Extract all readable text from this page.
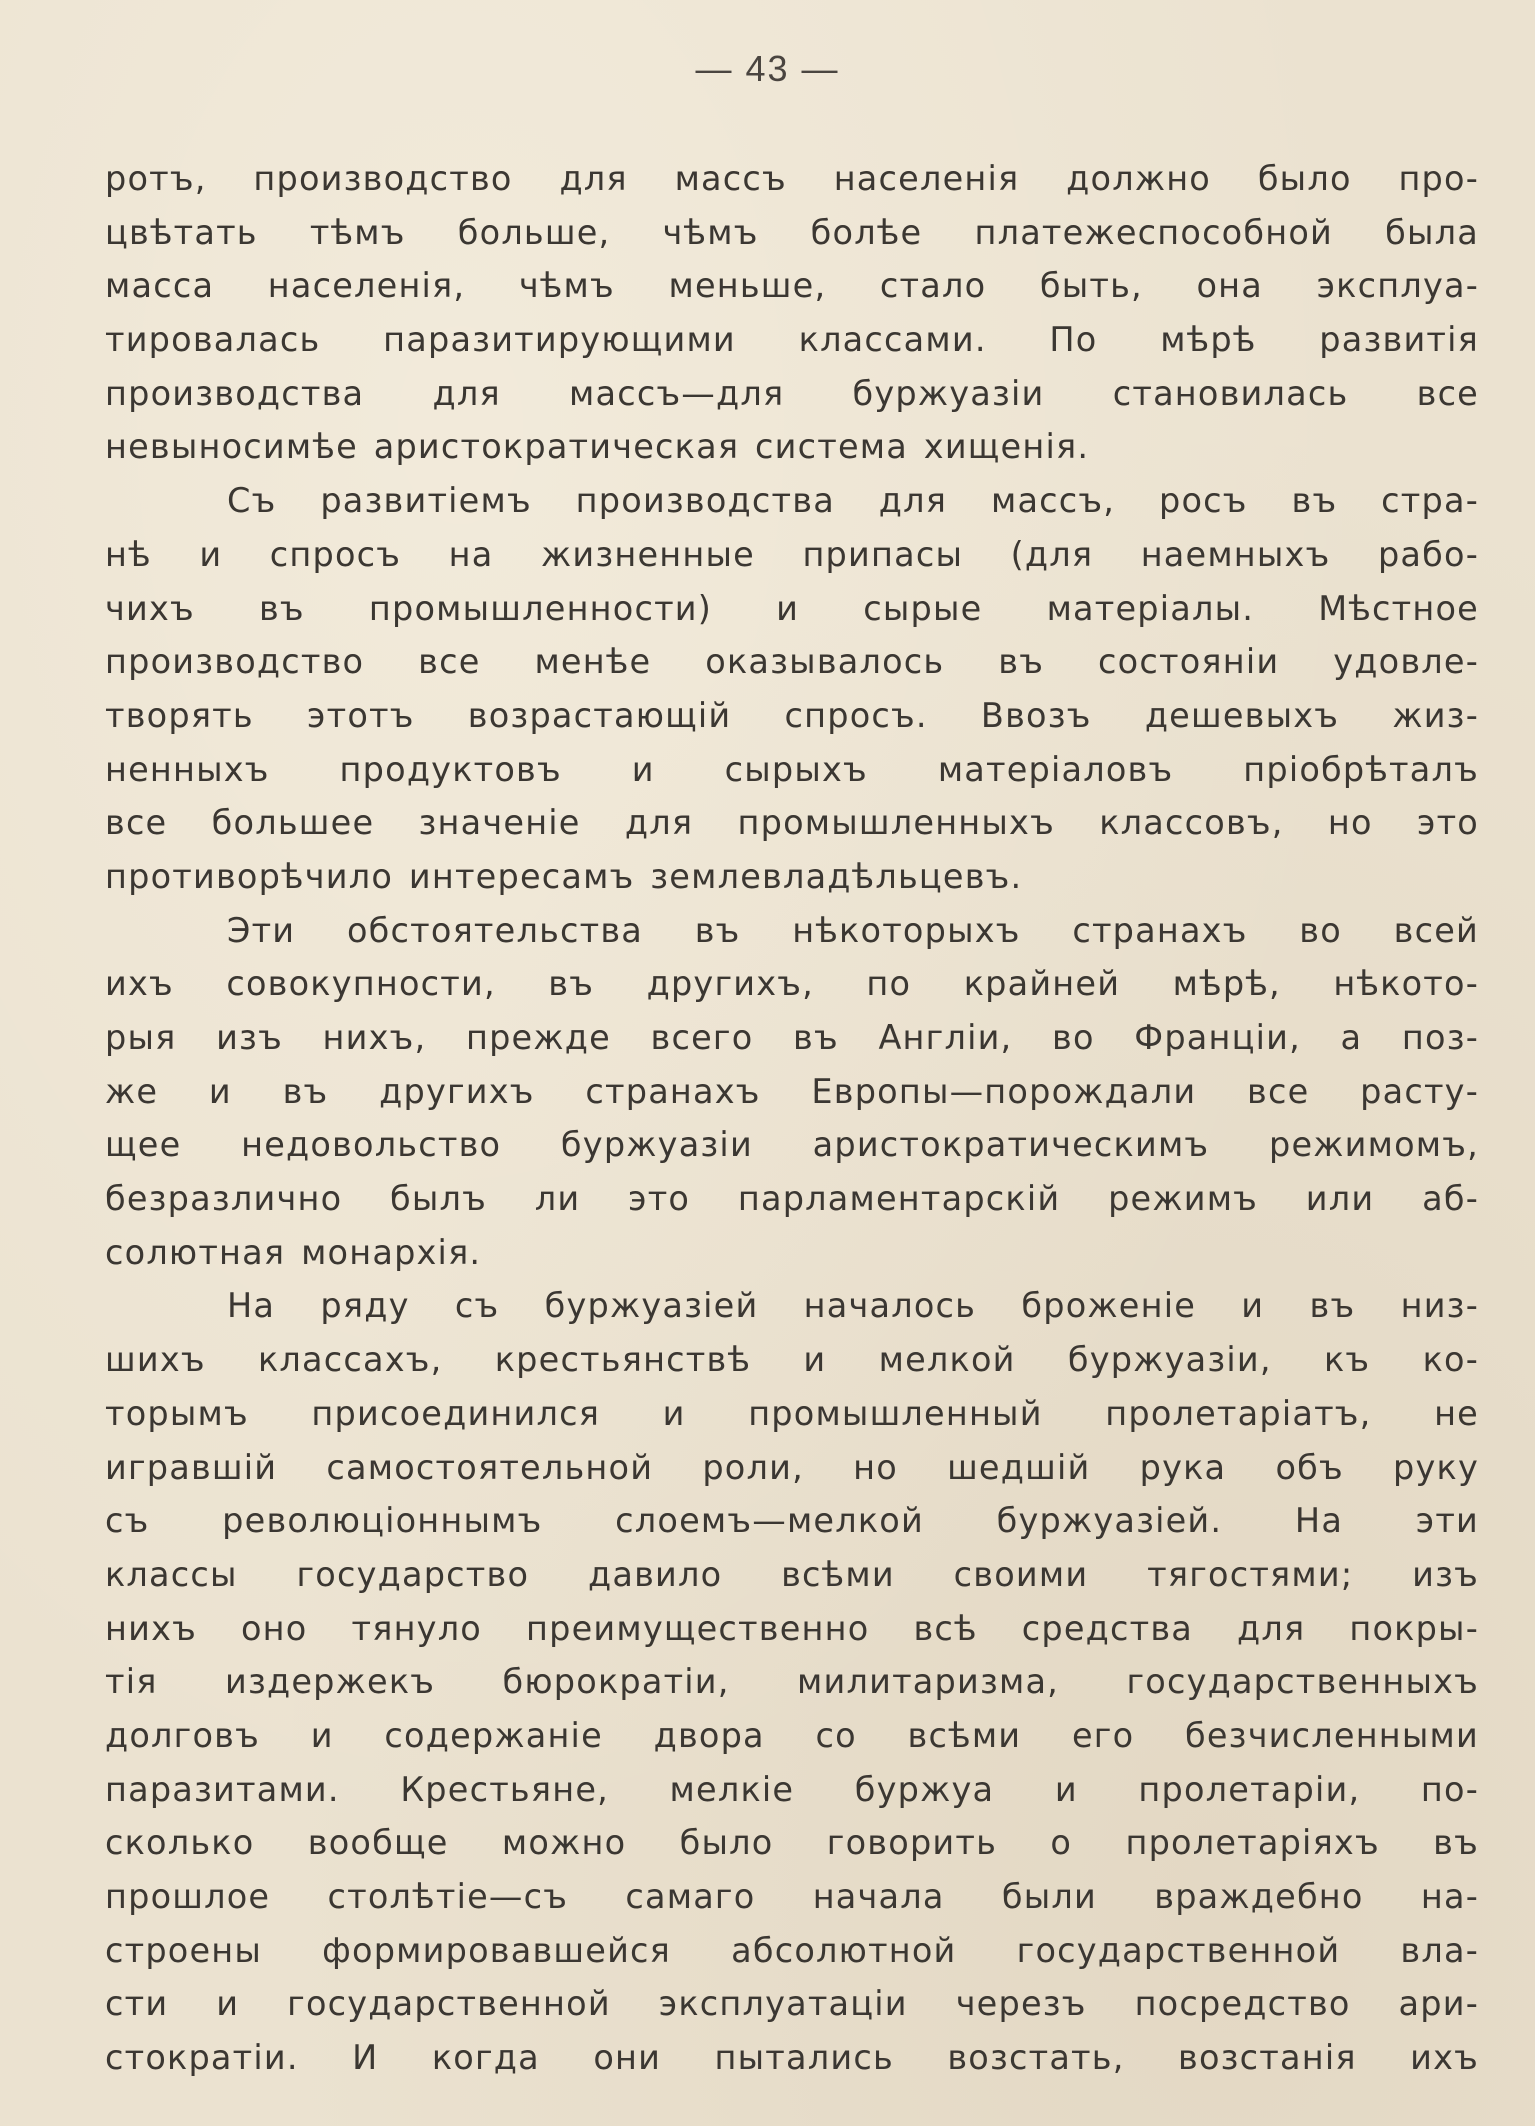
— 43 —
ротъ, производство для массъ населенія должно было про-
цвѣтать тѣмъ больше, чѣмъ болѣе платежеспособной была
масса населенія, чѣмъ меньше, стало быть, она эксплуа-
тировалась паразитирующими классами. По мѣрѣ развитія
производства для массъ—для буржуазіи становилась все
невыносимѣе аристократическая система хищенія.
Съ развитіемъ производства для массъ, росъ въ стра-
нѣ и спросъ на жизненные припасы (для наемныхъ рабо-
чихъ въ промышленности) и сырые матеріалы. Мѣстное
производство все менѣе оказывалось въ состояніи удовле-
творять этотъ возрастающій спросъ. Ввозъ дешевыхъ жиз-
ненныхъ продуктовъ и сырыхъ матеріаловъ пріобрѣталъ
все большее значеніе для промышленныхъ классовъ, но это
противорѣчило интересамъ землевладѣльцевъ.
Эти обстоятельства въ нѣкоторыхъ странахъ во всей
ихъ совокупности, въ другихъ, по крайней мѣрѣ, нѣкото-
рыя изъ нихъ, прежде всего въ Англіи, во Франціи, а поз-
же и въ другихъ странахъ Европы—порождали все расту-
щее недовольство буржуазіи аристократическимъ режимомъ,
безразлично былъ ли это парламентарскій режимъ или аб-
солютная монархія.
На ряду съ буржуазіей началось броженіе и въ низ-
шихъ классахъ, крестьянствѣ и мелкой буржуазіи, къ ко-
торымъ присоединился и промышленный пролетаріатъ, не
игравшій самостоятельной роли, но шедшій рука объ руку
съ революціоннымъ слоемъ—мелкой буржуазіей. На эти
классы государство давило всѣми своими тягостями; изъ
нихъ оно тянуло преимущественно всѣ средства для покры-
тія издержекъ бюрократіи, милитаризма, государственныхъ
долговъ и содержаніе двора со всѣми его безчисленными
паразитами. Крестьяне, мелкіе буржуа и пролетаріи, по-
сколько вообще можно было говорить о пролетаріяхъ въ
прошлое столѣтіе—съ самаго начала были враждебно на-
строены формировавшейся абсолютной государственной вла-
сти и государственной эксплуатаціи черезъ посредство ари-
стократіи. И когда они пытались возстать, возстанія ихъ
